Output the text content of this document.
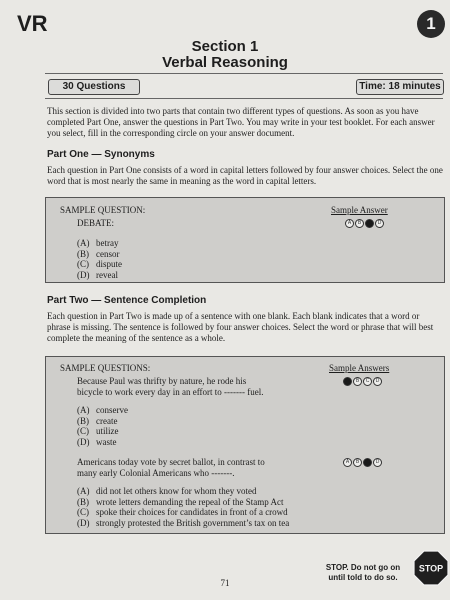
VR	1
Section 1
Verbal Reasoning
30 Questions	Time: 18 minutes

This section is divided into two parts that contain two different types of questions. As soon as you have completed Part One, answer the questions in Part Two. You may write in your test booklet. For each answer you select, fill in the corresponding circle on your answer document.

Part One — Synonyms

Each question in Part One consists of a word in capital letters followed by four answer choices. Select the one word that is most nearly the same in meaning as the word in capital letters.

SAMPLE QUESTION:	Sample Answer
DEBATE:	A	B	C	D
(A) betray
(B) censor
(C) dispute
(D) reveal
Part Two — Sentence Completion

Each question in Part Two is made up of a sentence with one blank. Each blank indicates that a word or phrase is missing. The sentence is followed by four answer choices. Select the word or phrase that will best complete the meaning of the sentence as a whole.

SAMPLE QUESTIONS:	Sample Answers
Because Paul was thrifty by nature, he rode his
bicycle to work every day in an effort to ------- fuel.
A	B	C	D
(A) conserve
(B) create
(C) utilize
(D) waste
Americans today vote by secret ballot, in contrast to
many early Colonial Americans who -------.
A	B	C	D
(A) did not let others know for whom they voted
(B) wrote letters demanding the repeal of the Stamp Act
(C) spoke their choices for candidates in front of a crowd
(D) strongly protested the British government’s tax on tea
71
STOP. Do not go on
until told to do so.
STOP
